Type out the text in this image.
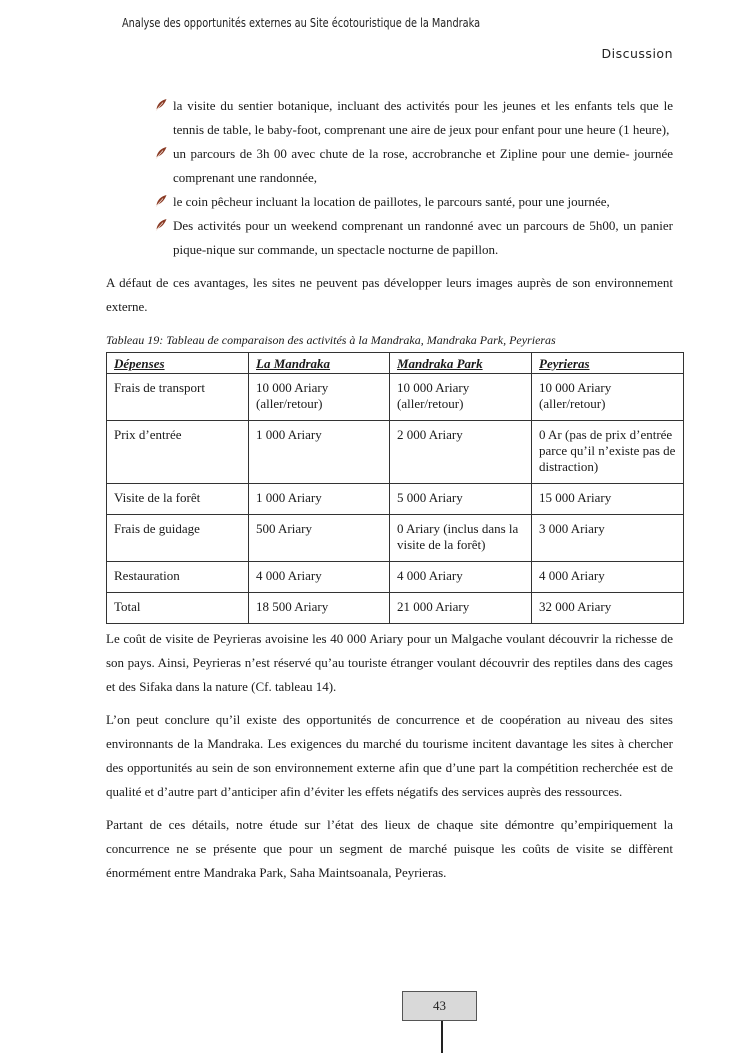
Analyse des opportunités externes au Site écotouristique de la Mandraka
Discussion
la visite du sentier botanique, incluant des activités pour les jeunes et les enfants tels que le tennis de table, le baby-foot, comprenant une aire de jeux pour enfant pour une heure (1 heure),
un parcours de 3h 00 avec chute de la rose, accrobranche et Zipline pour une demie- journée comprenant une randonnée,
le coin pêcheur incluant la location de paillotes, le parcours santé, pour une journée,
Des activités pour un weekend comprenant un randonné avec un parcours de 5h00, un panier pique-nique sur commande, un spectacle nocturne de papillon.

A défaut de ces avantages, les sites ne peuvent pas développer leurs images auprès de son environnement externe.

Tableau 19: Tableau de comparaison des activités à la Mandraka, Mandraka Park, Peyrieras
Dépenses	La Mandraka	Mandraka Park	Peyrieras
Frais de transport	10 000 Ariary (aller/retour)	10 000 Ariary (aller/retour)	10 000 Ariary (aller/retour)
Prix d’entrée	1 000 Ariary	2 000 Ariary	0 Ar (pas de prix d’entrée parce qu’il n’existe pas de distraction)
Visite de la forêt	1 000 Ariary	5 000 Ariary	15 000 Ariary
Frais de guidage	500 Ariary	0 Ariary (inclus dans la visite de la forêt)	3 000 Ariary
Restauration	4 000 Ariary	4 000 Ariary	4 000 Ariary
Total	18 500 Ariary	21 000 Ariary	32 000 Ariary

Le coût de visite de Peyrieras avoisine les 40 000 Ariary pour un Malgache voulant découvrir la richesse de son pays. Ainsi, Peyrieras n’est réservé qu’au touriste étranger voulant découvrir des reptiles dans des cages et des Sifaka dans la nature (Cf. tableau 14).

L’on peut conclure qu’il existe des opportunités de concurrence et de coopération au niveau des sites environnants de la Mandraka. Les exigences du marché du tourisme incitent davantage les sites à chercher des opportunités au sein de son environnement externe afin que d’une part la compétition recherchée est de qualité et d’autre part d’anticiper afin d’éviter les effets négatifs des services auprès des ressources.

Partant de ces détails, notre étude sur l’état des lieux de chaque site démontre qu’empiriquement la concurrence ne se présente que pour un segment de marché puisque les coûts de visite se diffèrent énormément entre Mandraka Park, Saha Maintsoanala, Peyrieras.

43
